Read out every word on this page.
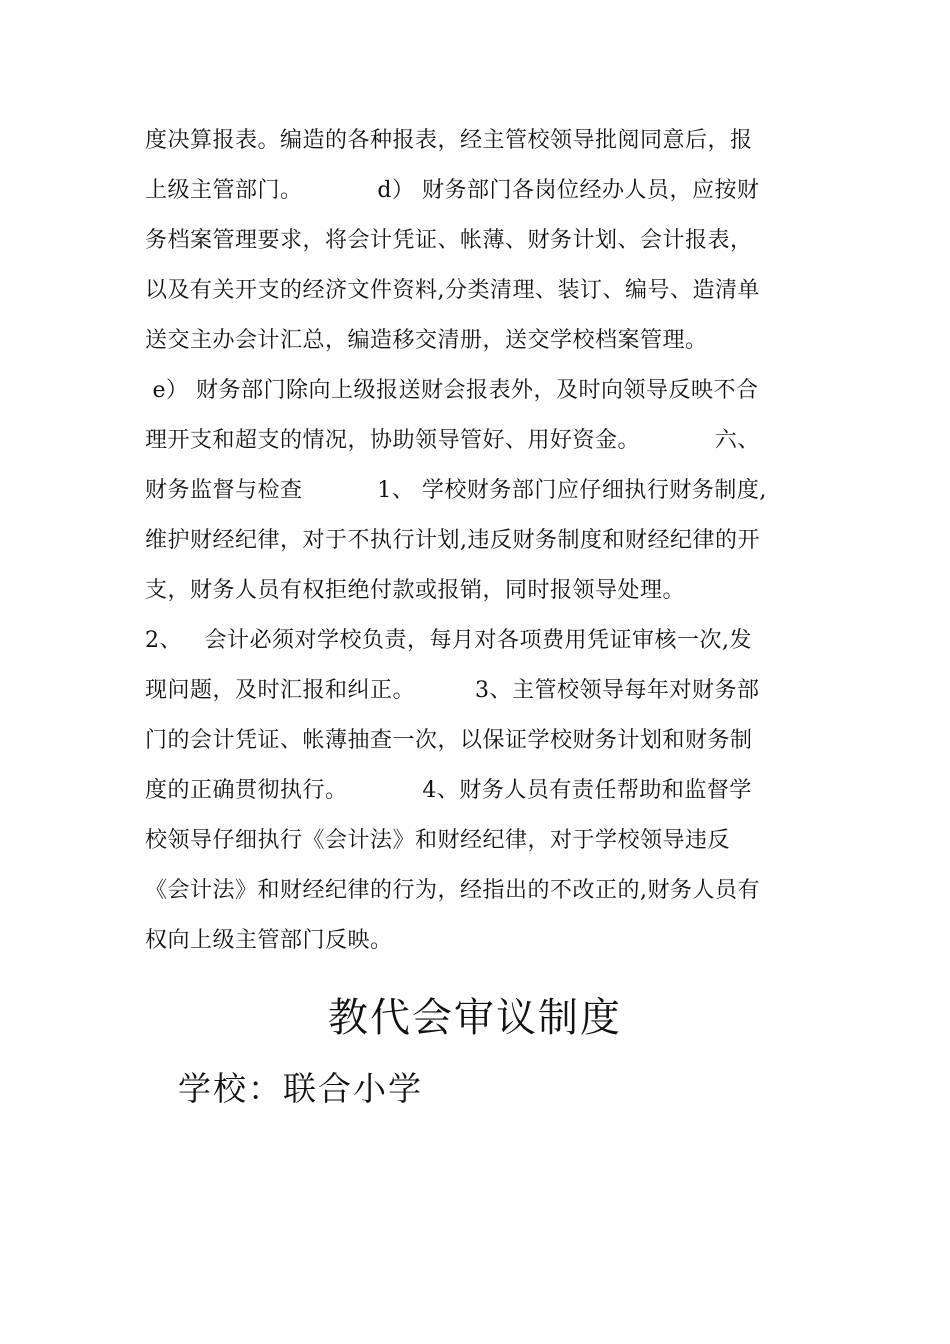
度决算报表。编造的各种报表，经主管校领导批阅同意后，报
上级主管部门。          d） 财务部门各岗位经办人员，应按财
务档案管理要求，将会计凭证、帐薄、财务计划、会计报表，
以及有关开支的经济文件资料,分类清理、装订、编号、造清单
送交主办会计汇总，编造移交清册，送交学校档案管理。
e） 财务部门除向上级报送财会报表外，及时向领导反映不合
理开支和超支的情况，协助领导管好、用好资金。          六、
财务监督与检查          1、 学校财务部门应仔细执行财务制度,
维护财经纪律，对于不执行计划,违反财务制度和财经纪律的开
支，财务人员有权拒绝付款或报销，同时报领导处理。
2、   会计必须对学校负责，每月对各项费用凭证审核一次,发
现问题，及时汇报和纠正。        3、主管校领导每年对财务部
门的会计凭证、帐薄抽查一次，以保证学校财务计划和财务制
度的正确贯彻执行。          4、财务人员有责任帮助和监督学
校领导仔细执行《会计法》和财经纪律，对于学校领导违反
《会计法》和财经纪律的行为，经指出的不改正的,财务人员有
权向上级主管部门反映。
教代会审议制度
学校：联合小学
